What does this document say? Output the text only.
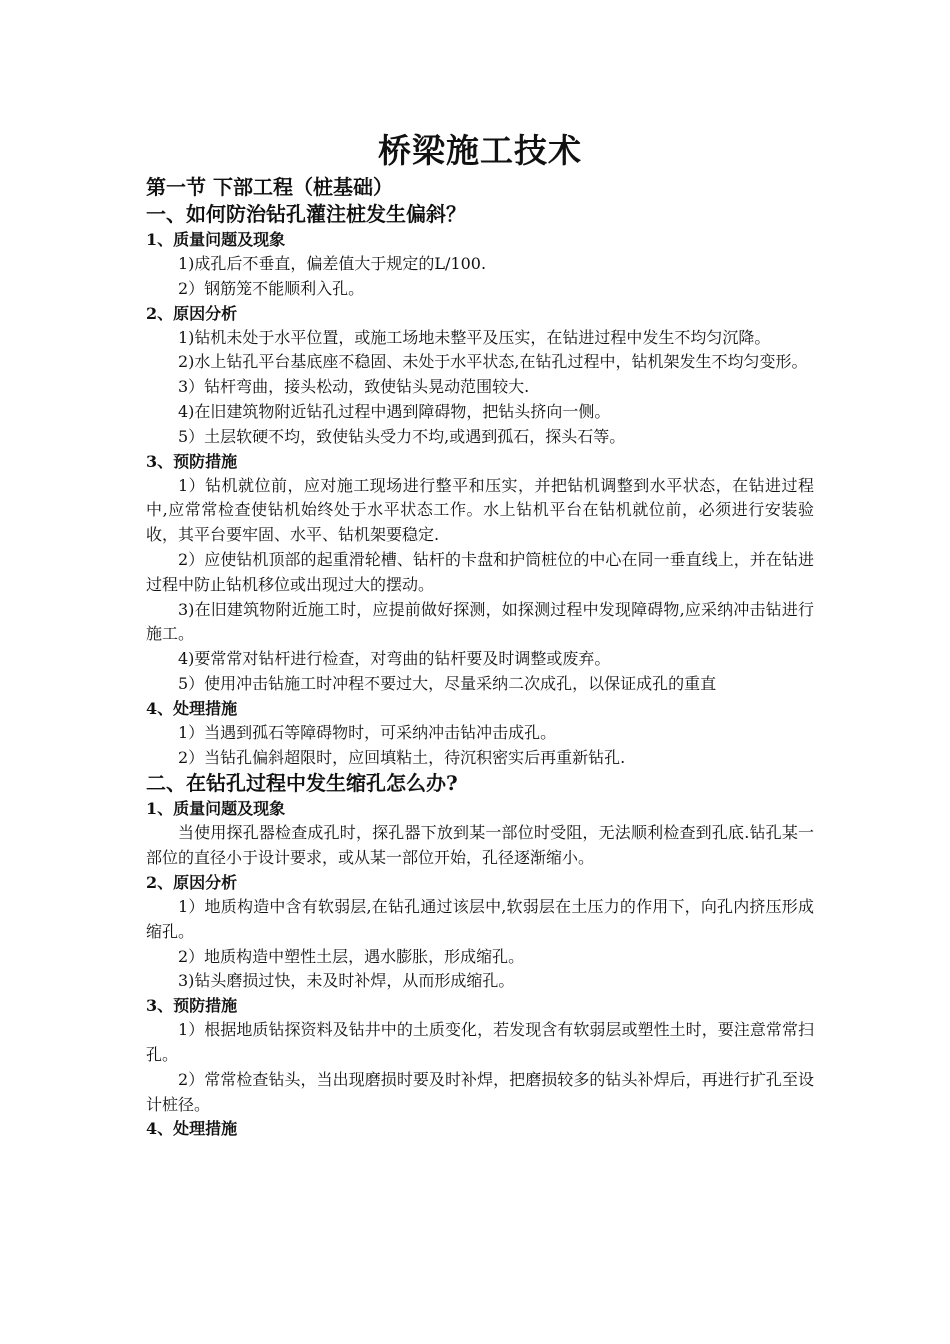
桥梁施工技术
第一节 下部工程（桩基础）
一、如何防治钻孔灌注桩发生偏斜？
1、质量问题及现象
1)成孔后不垂直，偏差值大于规定的L/100.
2）钢筋笼不能顺利入孔。
2、原因分析
1)钻机未处于水平位置，或施工场地未整平及压实，在钻进过程中发生不均匀沉降。
2)水上钻孔平台基底座不稳固、未处于水平状态,在钻孔过程中，钻机架发生不均匀变形。
3）钻杆弯曲，接头松动，致使钻头晃动范围较大.
4)在旧建筑物附近钻孔过程中遇到障碍物，把钻头挤向一侧。
5）土层软硬不均，致使钻头受力不均,或遇到孤石，探头石等。
3、预防措施
1）钻机就位前，应对施工现场进行整平和压实，并把钻机调整到水平状态，在钻进过程中,应常常检查使钻机始终处于水平状态工作。水上钻机平台在钻机就位前，必须进行安装验收，其平台要牢固、水平、钻机架要稳定.
2）应使钻机顶部的起重滑轮槽、钻杆的卡盘和护筒桩位的中心在同一垂直线上，并在钻进过程中防止钻机移位或出现过大的摆动。
3)在旧建筑物附近施工时，应提前做好探测，如探测过程中发现障碍物,应采纳冲击钻进行施工。
4)要常常对钻杆进行检查，对弯曲的钻杆要及时调整或废弃。
5）使用冲击钻施工时冲程不要过大，尽量采纳二次成孔，以保证成孔的重直
4、处理措施
1）当遇到孤石等障碍物时，可采纳冲击钻冲击成孔。
2）当钻孔偏斜超限时，应回填粘土，待沉积密实后再重新钻孔.
二、在钻孔过程中发生缩孔怎么办?
1、质量问题及现象
当使用探孔器检查成孔时，探孔器下放到某一部位时受阻，无法顺利检查到孔底.钻孔某一部位的直径小于设计要求，或从某一部位开始，孔径逐渐缩小。
2、原因分析
1）地质构造中含有软弱层,在钻孔通过该层中,软弱层在土压力的作用下，向孔内挤压形成缩孔。
2）地质构造中塑性土层，遇水膨胀，形成缩孔。
3)钻头磨损过快，未及时补焊，从而形成缩孔。
3、预防措施
1）根据地质钻探资料及钻井中的土质变化，若发现含有软弱层或塑性土时，要注意常常扫孔。
2）常常检查钻头，当出现磨损时要及时补焊，把磨损较多的钻头补焊后，再进行扩孔至设计桩径。
4、处理措施
